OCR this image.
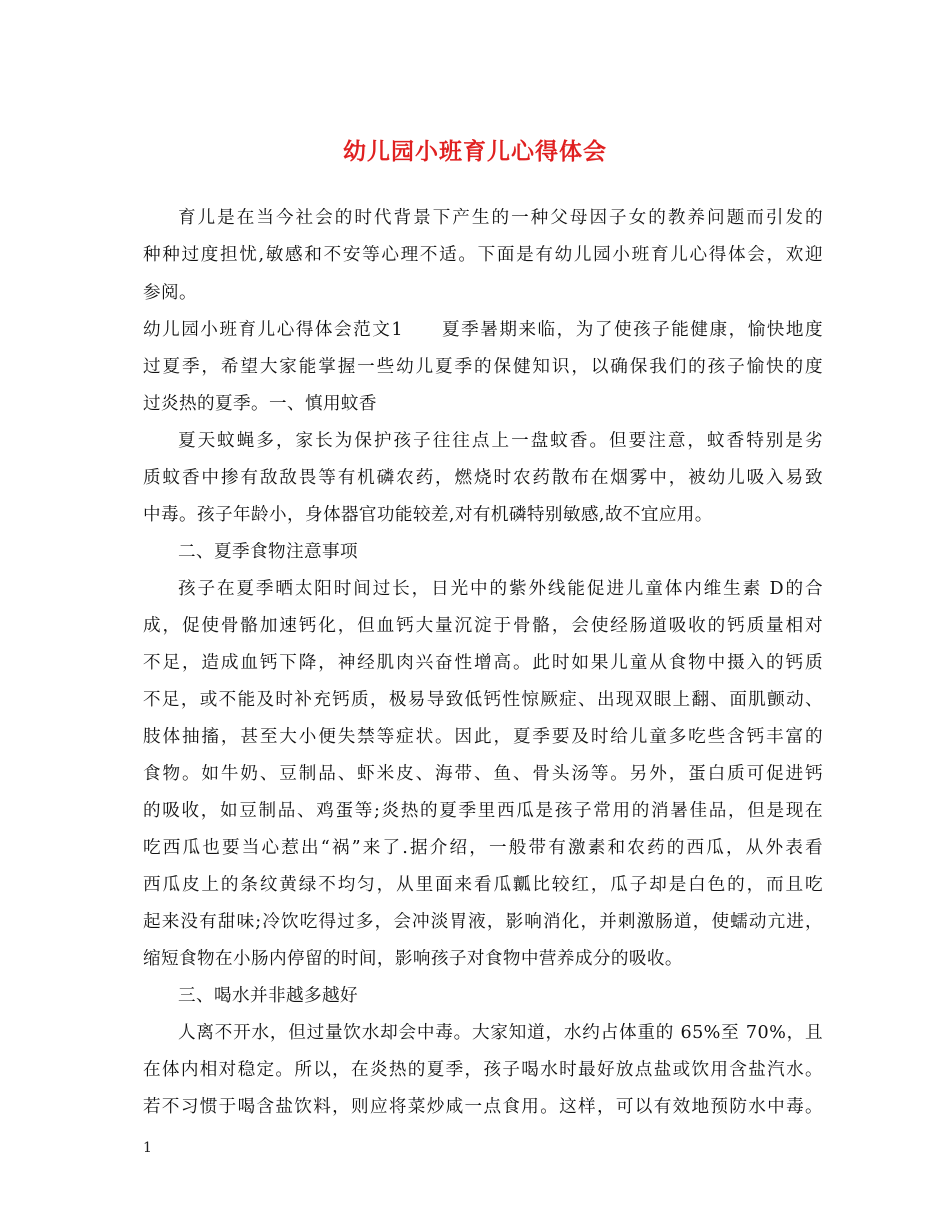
幼儿园小班育儿心得体会
育儿是在当今社会的时代背景下产生的一种父母因子女的教养问题而引发的
种种过度担忧,敏感和不安等心理不适。下面是有幼儿园小班育儿心得体会，欢迎
参阅。
幼儿园小班育儿心得体会范文1 夏季暑期来临，为了使孩子能健康，愉快地度
过夏季，希望大家能掌握一些幼儿夏季的保健知识，以确保我们的孩子愉快的度
过炎热的夏季。一、慎用蚊香
夏天蚊蝇多，家长为保护孩子往往点上一盘蚊香。但要注意，蚊香特别是劣
质蚊香中掺有敌敌畏等有机磷农药，燃烧时农药散布在烟雾中，被幼儿吸入易致
中毒。孩子年龄小，身体器官功能较差,对有机磷特别敏感,故不宜应用。
二、夏季食物注意事项
孩子在夏季晒太阳时间过长，日光中的紫外线能促进儿童体内维生素 D的合
成，促使骨骼加速钙化，但血钙大量沉淀于骨骼，会使经肠道吸收的钙质量相对
不足，造成血钙下降，神经肌肉兴奋性增高。此时如果儿童从食物中摄入的钙质
不足，或不能及时补充钙质，极易导致低钙性惊厥症、出现双眼上翻、面肌颤动、
肢体抽搐，甚至大小便失禁等症状。因此，夏季要及时给儿童多吃些含钙丰富的
食物。如牛奶、豆制品、虾米皮、海带、鱼、骨头汤等。另外，蛋白质可促进钙
的吸收，如豆制品、鸡蛋等;炎热的夏季里西瓜是孩子常用的消暑佳品，但是现在
吃西瓜也要当心惹出“祸”来了.据介绍，一般带有激素和农药的西瓜，从外表看
西瓜皮上的条纹黄绿不均匀，从里面来看瓜瓤比较红，瓜子却是白色的，而且吃
起来没有甜味;冷饮吃得过多，会冲淡胃液，影响消化，并刺激肠道，使蠕动亢进，
缩短食物在小肠内停留的时间，影响孩子对食物中营养成分的吸收。
三、喝水并非越多越好
人离不开水，但过量饮水却会中毒。大家知道，水约占体重的 65%至 70%，且
在体内相对稳定。所以，在炎热的夏季，孩子喝水时最好放点盐或饮用含盐汽水。
若不习惯于喝含盐饮料，则应将菜炒咸一点食用。这样，可以有效地预防水中毒。
1
